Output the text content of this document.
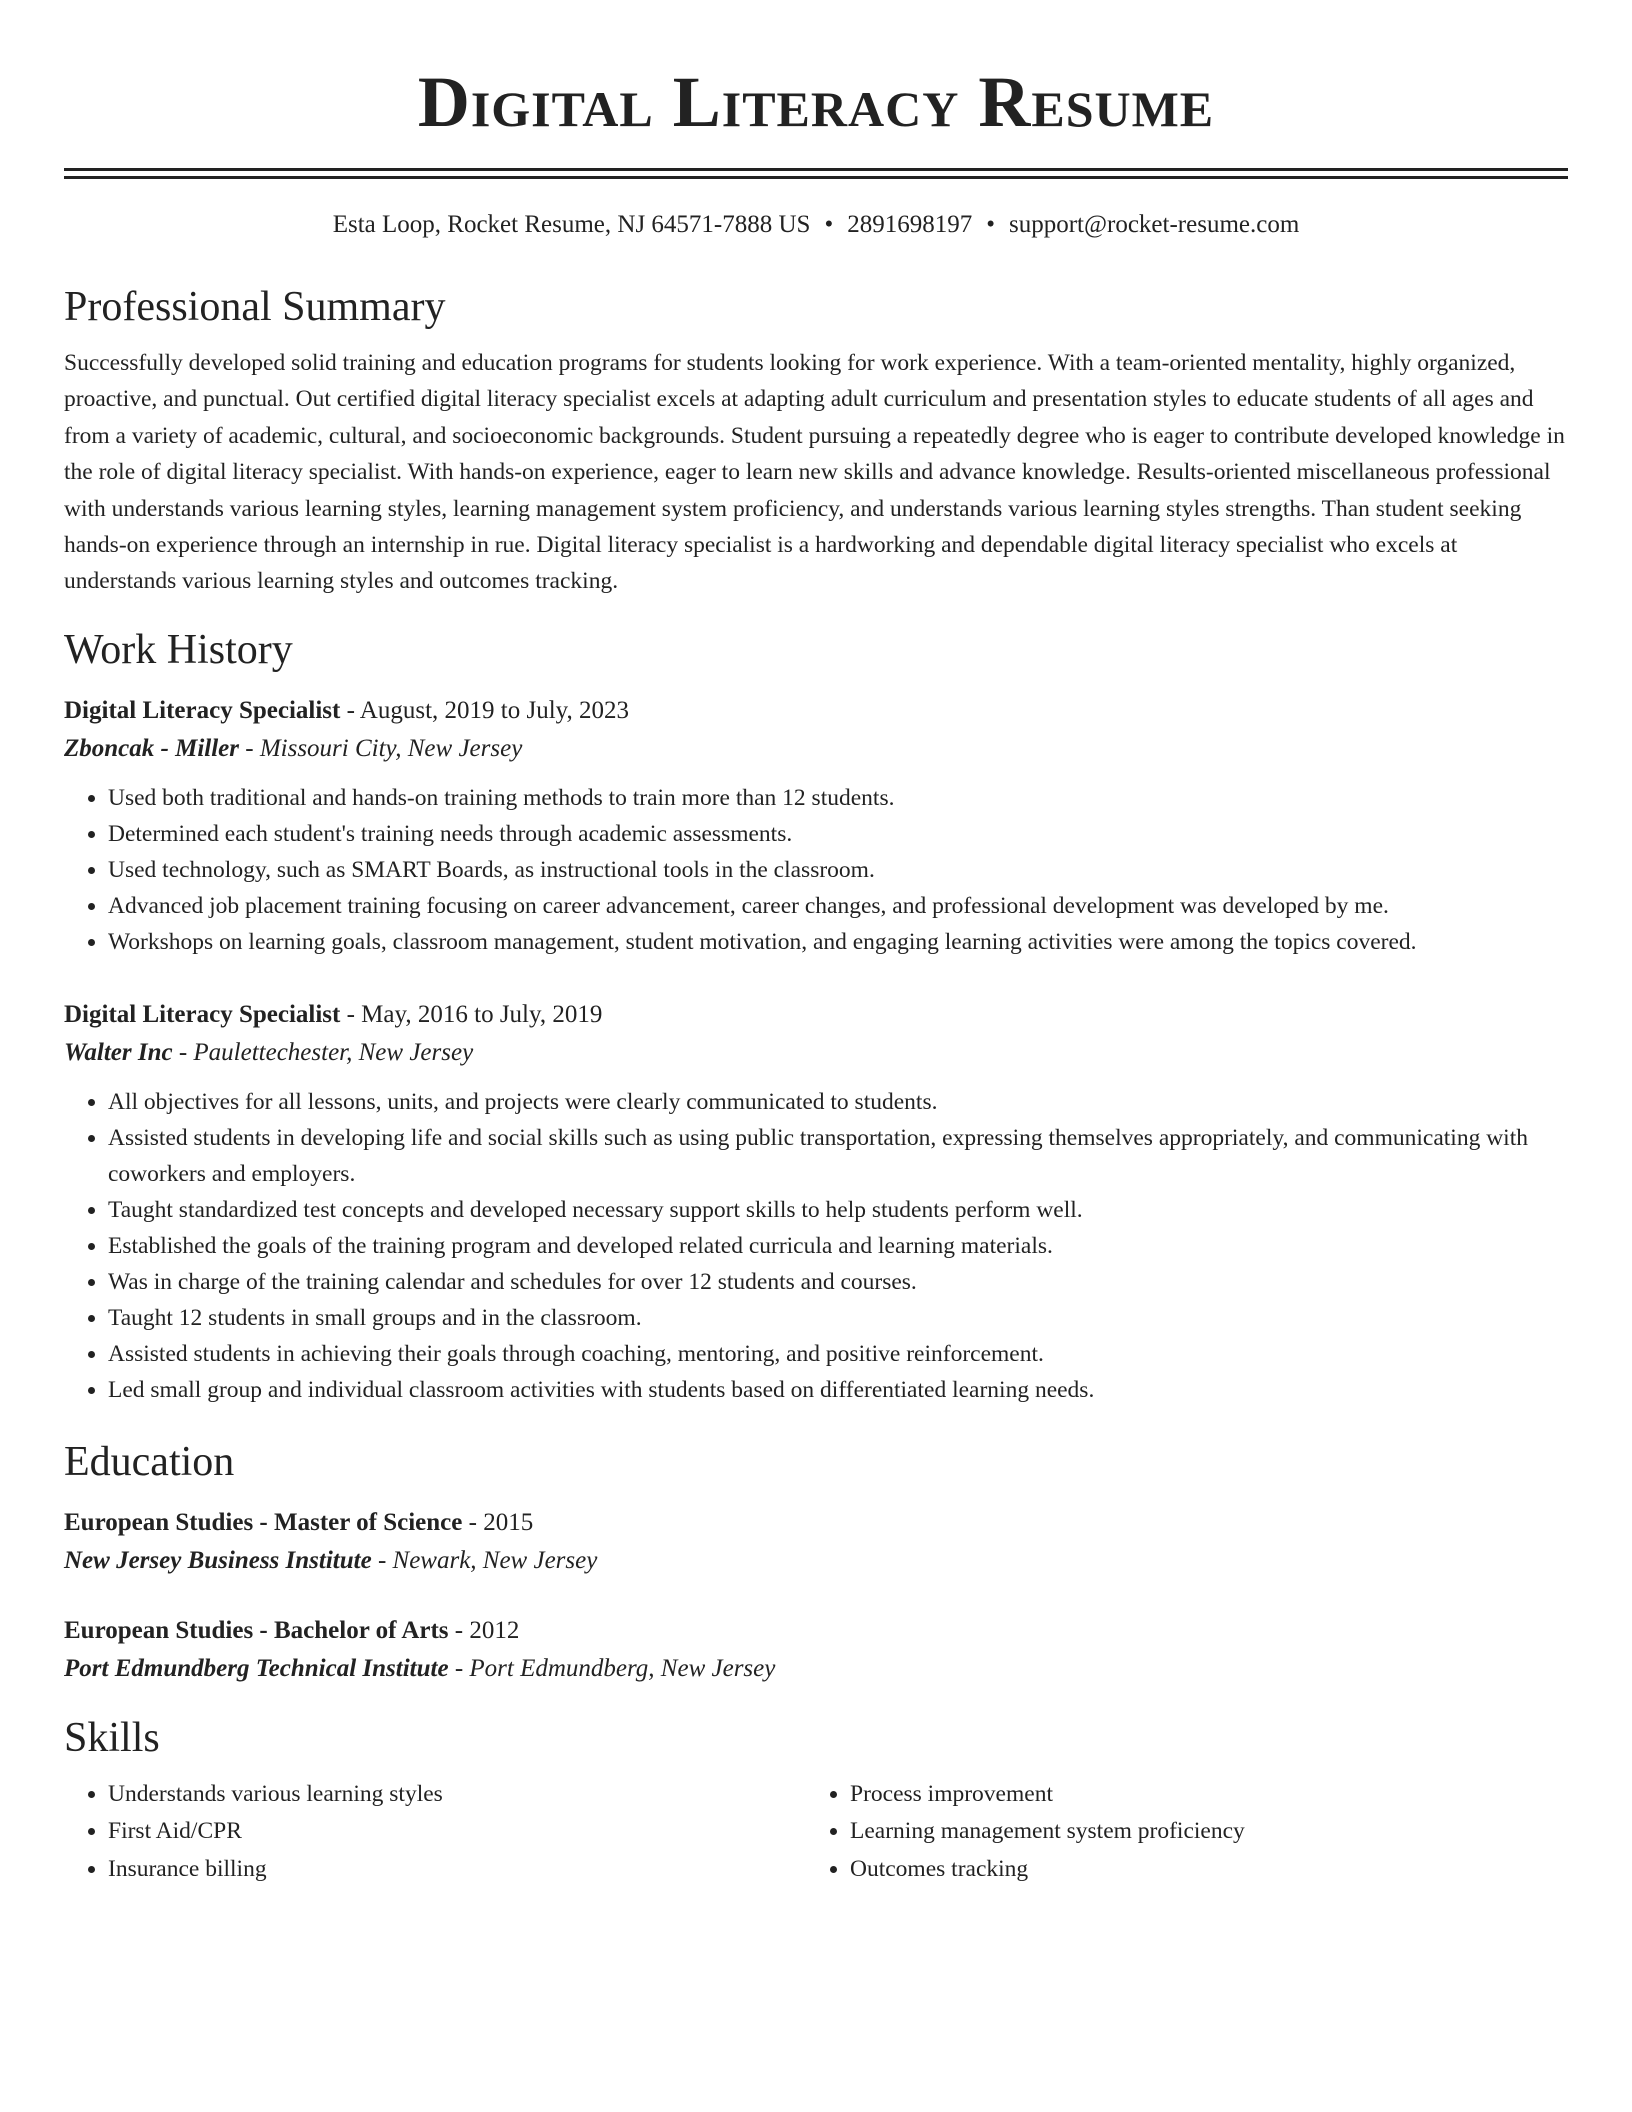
Digital Literacy Resume
Esta Loop, Rocket Resume, NJ 64571-7888 US • 2891698197 • support@rocket-resume.com
Professional Summary

Successfully developed solid training and education programs for students looking for work experience. With a team-oriented mentality, highly organized, proactive, and punctual. Out certified digital literacy specialist excels at adapting adult curriculum and presentation styles to educate students of all ages and from a variety of academic, cultural, and socioeconomic backgrounds. Student pursuing a repeatedly degree who is eager to contribute developed knowledge in the role of digital literacy specialist. With hands-on experience, eager to learn new skills and advance knowledge. Results-oriented miscellaneous professional with understands various learning styles, learning management system proficiency, and understands various learning styles strengths. Than student seeking hands-on experience through an internship in rue. Digital literacy specialist is a hardworking and dependable digital literacy specialist who excels at understands various learning styles and outcomes tracking.

Work History

Digital Literacy Specialist - August, 2019 to July, 2023

Zboncak - Miller - Missouri City, New Jersey

• Used both traditional and hands-on training methods to train more than 12 students.
• Determined each student's training needs through academic assessments.
• Used technology, such as SMART Boards, as instructional tools in the classroom.
• Advanced job placement training focusing on career advancement, career changes, and professional development was developed by me.
• Workshops on learning goals, classroom management, student motivation, and engaging learning activities were among the topics covered.

Digital Literacy Specialist - May, 2016 to July, 2019

Walter Inc - Paulettechester, New Jersey

• All objectives for all lessons, units, and projects were clearly communicated to students.
• Assisted students in developing life and social skills such as using public transportation, expressing themselves appropriately, and communicating with coworkers and employers.
• Taught standardized test concepts and developed necessary support skills to help students perform well.
• Established the goals of the training program and developed related curricula and learning materials.
• Was in charge of the training calendar and schedules for over 12 students and courses.
• Taught 12 students in small groups and in the classroom.
• Assisted students in achieving their goals through coaching, mentoring, and positive reinforcement.
• Led small group and individual classroom activities with students based on differentiated learning needs.
Education

European Studies - Master of Science - 2015

New Jersey Business Institute - Newark, New Jersey

European Studies - Bachelor of Arts - 2012

Port Edmundberg Technical Institute - Port Edmundberg, New Jersey

Skills
• Understands various learning styles
• First Aid/CPR
• Insurance billing
• Process improvement
• Learning management system proficiency
• Outcomes tracking
